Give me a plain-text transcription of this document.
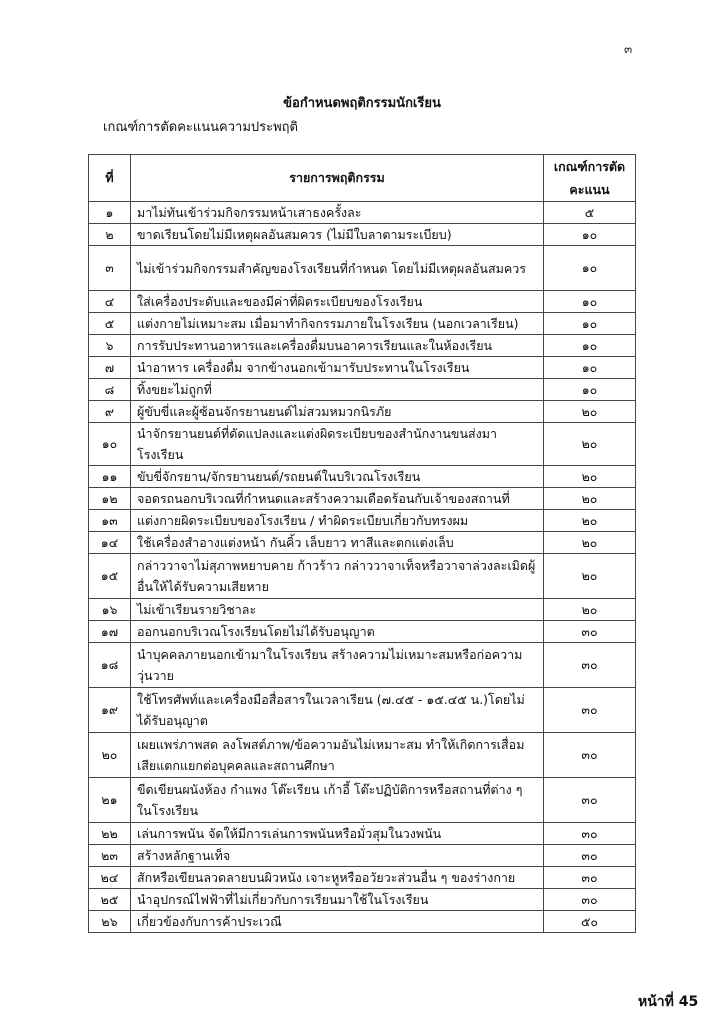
๓
ข้อกำหนดพฤติกรรมนักเรียน
เกณฑ์การตัดคะแนนความประพฤติ
ที่	รายการพฤติกรรม	เกณฑ์การตัด
คะแนน
๑	มาไม่ทันเข้าร่วมกิจกรรมหน้าเสาธงครั้งละ	๕
๒	ขาดเรียนโดยไม่มีเหตุผลอันสมควร (ไม่มีใบลาตามระเบียบ)	๑๐
๓	ไม่เข้าร่วมกิจกรรมสำคัญของโรงเรียนที่กำหนด โดยไม่มีเหตุผลอันสมควร	๑๐
๔	ใส่เครื่องประดับและของมีค่าที่ผิดระเบียบของโรงเรียน	๑๐
๕	แต่งกายไม่เหมาะสม เมื่อมาทำกิจกรรมภายในโรงเรียน (นอกเวลาเรียน)	๑๐
๖	การรับประทานอาหารและเครื่องดื่มบนอาคารเรียนและในห้องเรียน	๑๐
๗	นำอาหาร เครื่องดื่ม จากข้างนอกเข้ามารับประทานในโรงเรียน	๑๐
๘	ทิ้งขยะไม่ถูกที่	๑๐
๙	ผู้ขับขี่และผู้ซ้อนจักรยานยนต์ไม่สวมหมวกนิรภัย	๒๐
๑๐	นำจักรยานยนต์ที่ดัดแปลงและแต่งผิดระเบียบของสำนักงานขนส่งมาโรงเรียน	๒๐
๑๑	ขับขี่จักรยาน/จักรยานยนต์/รถยนต์ในบริเวณโรงเรียน	๒๐
๑๒	จอดรถนอกบริเวณที่กำหนดและสร้างความเดือดร้อนกับเจ้าของสถานที่	๒๐
๑๓	แต่งกายผิดระเบียบของโรงเรียน / ทำผิดระเบียบเกี่ยวกับทรงผม	๒๐
๑๔	ใช้เครื่องสำอางแต่งหน้า กันคิ้ว เล็บยาว ทาสีและตกแต่งเล็บ	๒๐
๑๕	กล่าววาจาไม่สุภาพหยาบคาย ก้าวร้าว กล่าววาจาเท็จหรือวาจาล่วงละเมิดผู้อื่นให้ได้รับความเสียหาย	๒๐
๑๖	ไม่เข้าเรียนรายวิชาละ	๒๐
๑๗	ออกนอกบริเวณโรงเรียนโดยไม่ได้รับอนุญาต	๓๐
๑๘	นำบุคคลภายนอกเข้ามาในโรงเรียน สร้างความไม่เหมาะสมหรือก่อความวุ่นวาย	๓๐
๑๙	ใช้โทรศัพท์และเครื่องมือสื่อสารในเวลาเรียน (๗.๔๕ - ๑๕.๔๕ น.)โดยไม่ได้รับอนุญาต	๓๐
๒๐	เผยแพร่ภาพสด ลงโพสต์ภาพ/ข้อความอันไม่เหมาะสม ทำให้เกิดการเสื่อมเสียแตกแยกต่อบุคคลและสถานศึกษา	๓๐
๒๑	ขีดเขียนผนังห้อง กำแพง โต๊ะเรียน เก้าอี้ โต๊ะปฏิบัติการหรือสถานที่ต่าง ๆ ในโรงเรียน	๓๐
๒๒	เล่นการพนัน จัดให้มีการเล่นการพนันหรือมั่วสุมในวงพนัน	๓๐
๒๓	สร้างหลักฐานเท็จ	๓๐
๒๔	สักหรือเขียนลวดลายบนผิวหนัง เจาะหูหรืออวัยวะส่วนอื่น ๆ ของร่างกาย	๓๐
๒๕	นำอุปกรณ์ไฟฟ้าที่ไม่เกี่ยวกับการเรียนมาใช้ในโรงเรียน	๓๐
๒๖	เกี่ยวข้องกับการค้าประเวณี	๕๐
หน้าที่ 45
